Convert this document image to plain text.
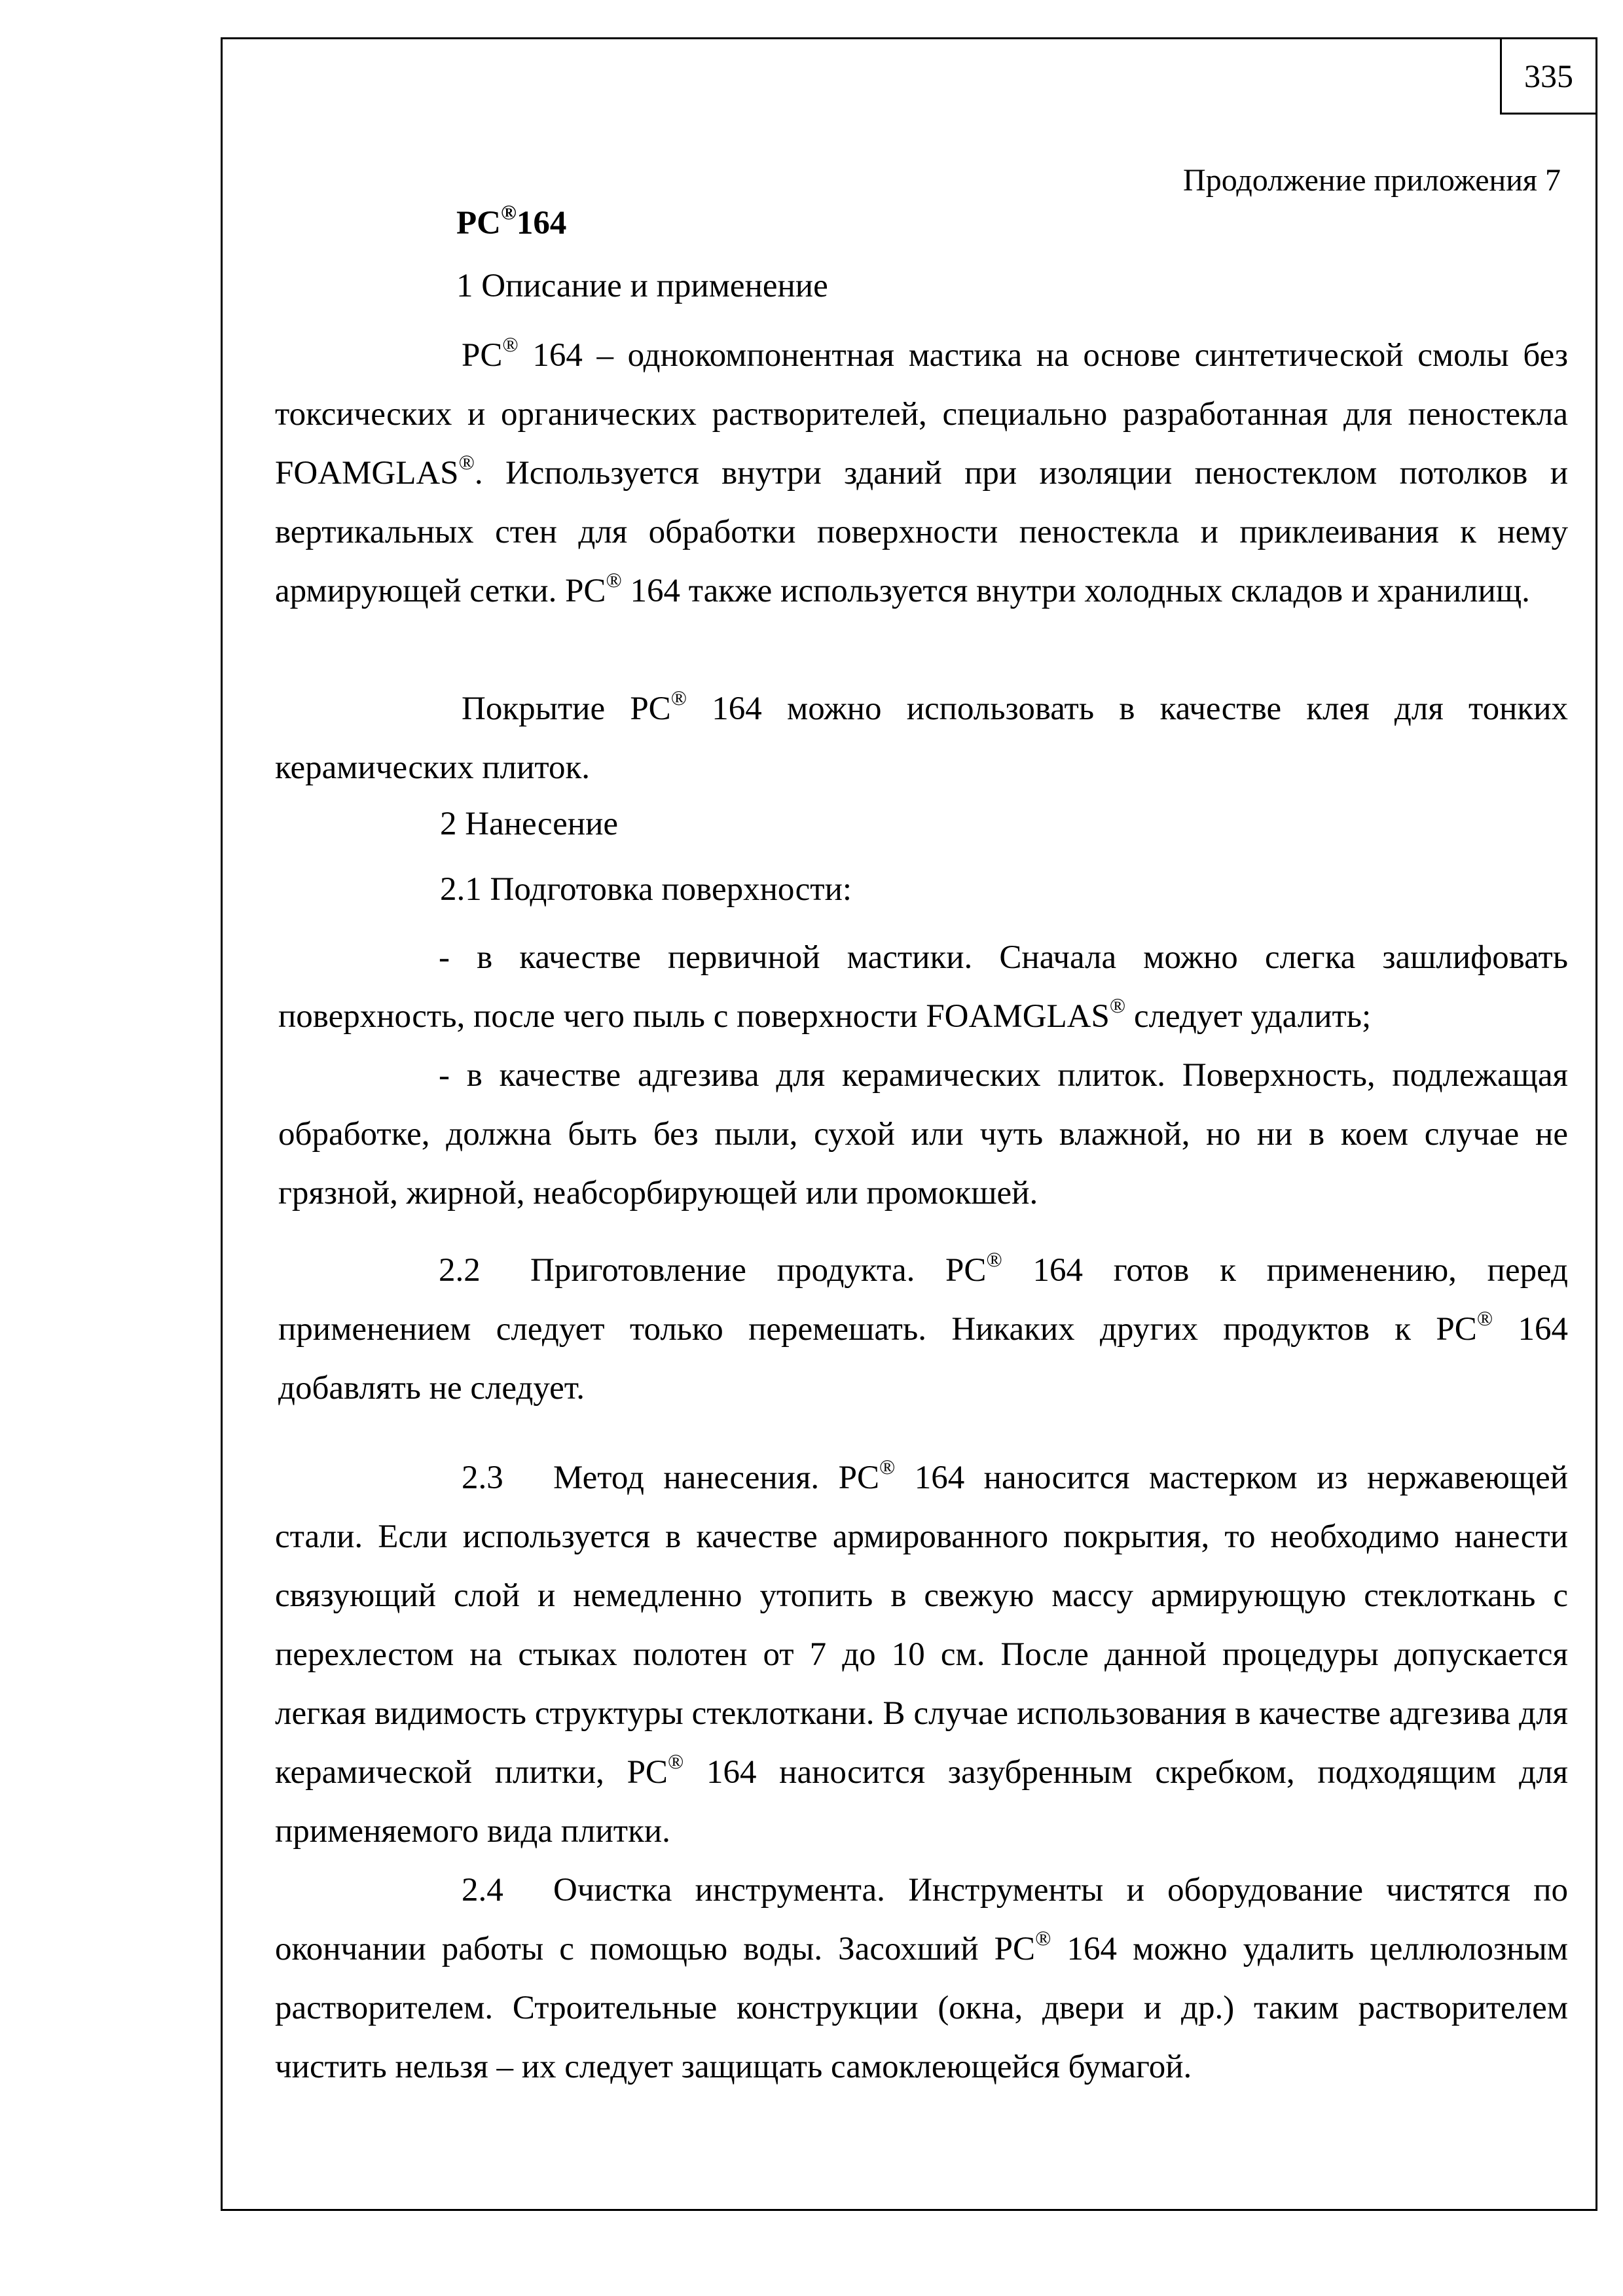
335
Продолжение приложения 7
PC®164
1 Описание и применение

PC® 164 – однокомпонентная мастика на основе синтетической смолы без токсических и органических растворителей, специально разработанная для пеностекла FOAMGLAS®. Используется внутри зданий при изоляции пеностеклом потолков и вертикальных стен для обработки поверхности пеностекла и приклеивания к нему армирующей сетки. PC® 164 также используется внутри холодных складов и хранилищ.

Покрытие PC® 164 можно использовать в качестве клея для тонких керамических плиток.

2 Нанесение
2.1 Подготовка поверхности:

- в качестве первичной мастики. Сначала можно слегка зашлифовать поверхность, после чего пыль с поверхности FOAMGLAS® следует удалить;

- в качестве адгезива для керамических плиток. Поверхность, подлежащая обработке, должна быть без пыли, сухой или чуть влажной, но ни в коем случае не грязной, жирной, неабсорбирующей или промокшей.

2.2 Приготовление продукта. PC® 164 готов к применению, перед применением следует только перемешать. Никаких других продуктов к PC® 164 добавлять не следует.

2.3 Метод нанесения. PC® 164 наносится мастерком из нержавеющей стали. Если используется в качестве армированного покрытия, то необходимо нанести связующий слой и немедленно утопить в свежую массу армирующую стеклоткань с перехлестом на стыках полотен от 7 до 10 см. После данной процедуры допускается легкая видимость структуры стеклоткани. В случае использования в качестве адгезива для керамической плитки, PC® 164 наносится зазубренным скребком, подходящим для применяемого вида плитки.

2.4 Очистка инструмента. Инструменты и оборудование чистятся по окончании работы с помощью воды. Засохший PC® 164 можно удалить целлюлозным растворителем. Строительные конструкции (окна, двери и др.) таким растворителем чистить нельзя – их следует защищать самоклеющейся бумагой.
